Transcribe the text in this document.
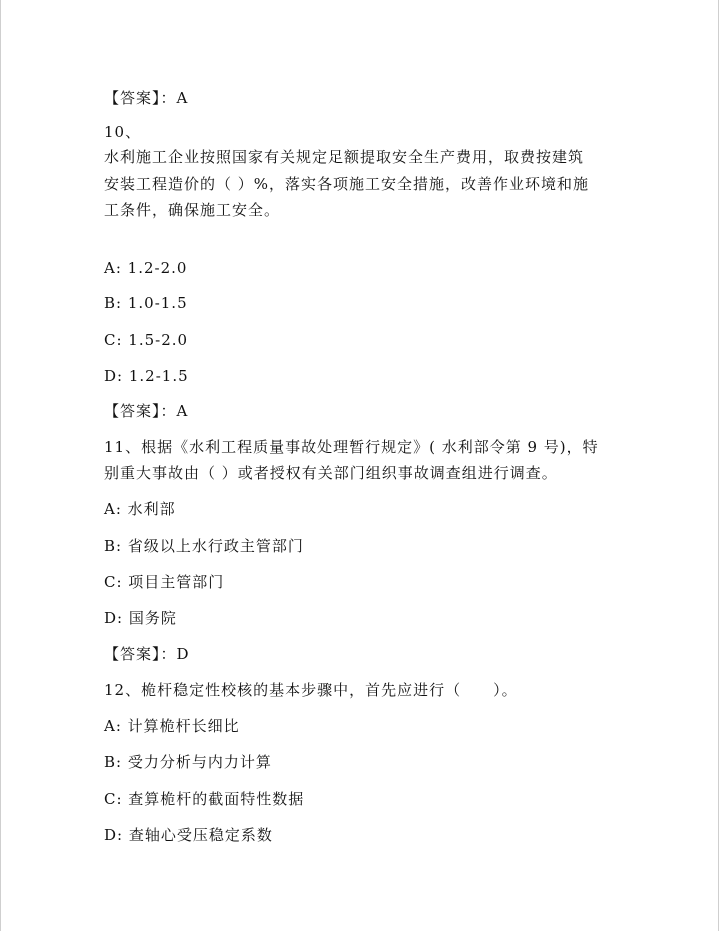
【答案】：A
10、
水利施工企业按照国家有关规定足额提取安全生产费用，取费按建筑
安装工程造价的（ ）%，落实各项施工安全措施，改善作业环境和施
工条件，确保施工安全。
A: 1.2-2.0
B: 1.0-1.5
C: 1.5-2.0
D: 1.2-1.5
【答案】：A
11、根据《水利工程质量事故处理暂行规定》( 水利部令第 9 号)，特
别重大事故由（ ）或者授权有关部门组织事故调查组进行调查。
A: 水利部
B: 省级以上水行政主管部门
C: 项目主管部门
D: 国务院
【答案】：D
12、桅杆稳定性校核的基本步骤中，首先应进行（　　）。
A: 计算桅杆长细比
B: 受力分析与内力计算
C: 查算桅杆的截面特性数据
D: 查轴心受压稳定系数
